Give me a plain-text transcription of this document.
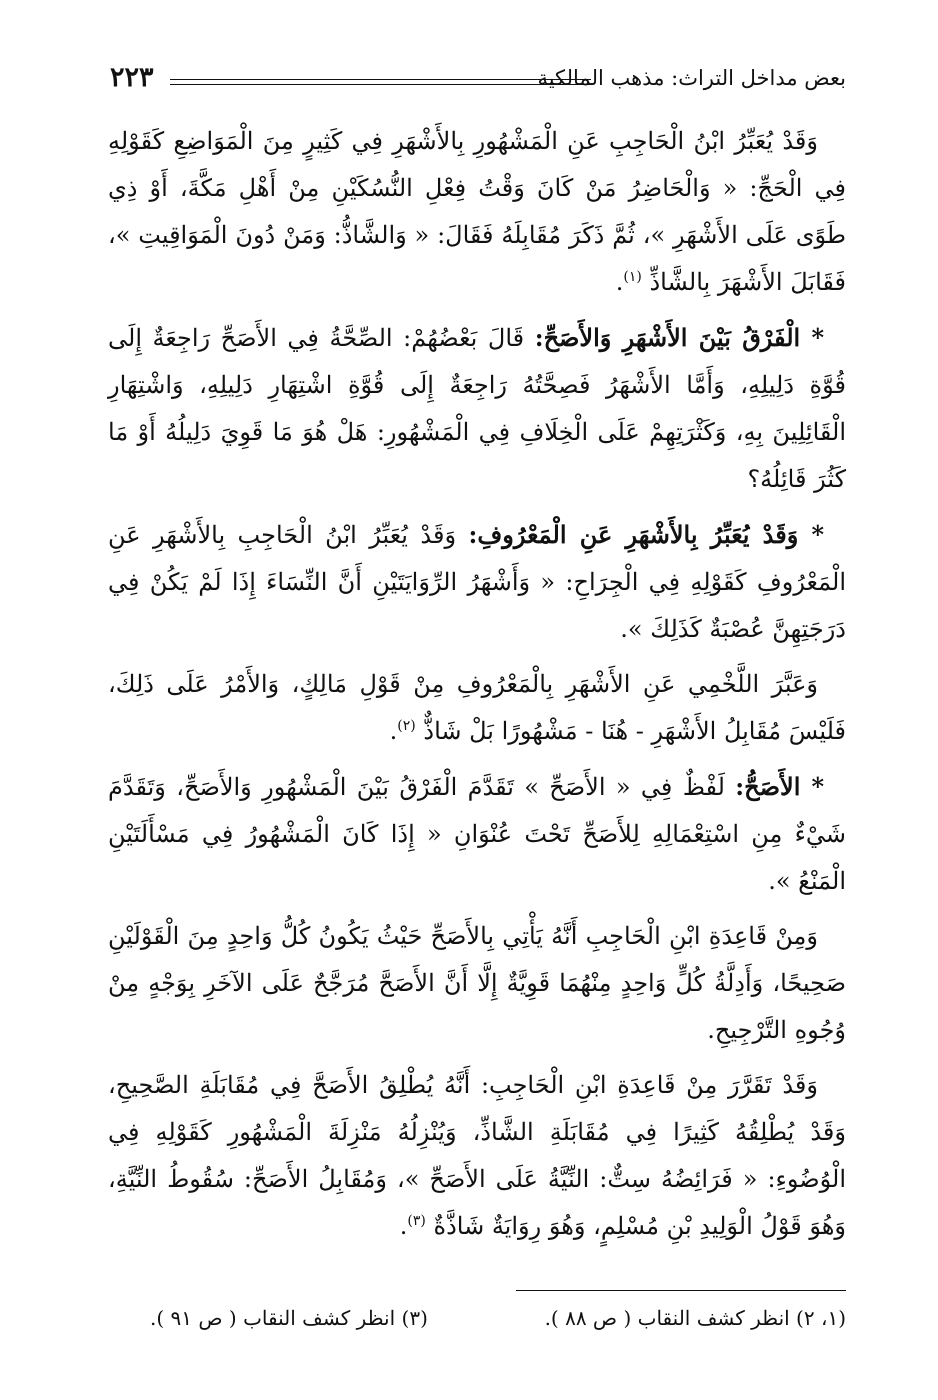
بعض مداخل التراث: مذهب المالكية
٢٢٣

وَقَدْ يُعَبِّرُ ابْنُ الْحَاجِبِ عَنِ الْمَشْهُورِ بِالأَشْهَرِ فِي كَثِيرٍ مِنَ الْمَوَاضِعِ كَقَوْلِهِ فِي الْحَجِّ: « وَالْحَاضِرُ مَنْ كَانَ وَقْتُ فِعْلِ النُّسُكَيْنِ مِنْ أَهْلِ مَكَّةَ، أَوْ ذِي طَوًى عَلَى الأَشْهَرِ »، ثُمَّ ذَكَرَ مُقَابِلَهُ فَقَالَ: « وَالشَّاذُّ: وَمَنْ دُونَ الْمَوَاقِيتِ »، فَقَابَلَ الأَشْهَرَ بِالشَّاذِّ $^{(١)}$.

* الْفَرْقُ بَيْنَ الأَشْهَرِ وَالأَصَحِّ: قَالَ بَعْضُهُمْ: الصِّحَّةُ فِي الأَصَحِّ رَاجِعَةٌ إِلَى قُوَّةِ دَلِيلِهِ، وَأَمَّا الأَشْهَرُ فَصِحَّتُهُ رَاجِعَةٌ إِلَى قُوَّةِ اشْتِهَارِ دَلِيلِهِ، وَاشْتِهَارِ الْقَائِلِينَ بِهِ، وَكَثْرَتِهِمْ عَلَى الْخِلَافِ فِي الْمَشْهُورِ: هَلْ هُوَ مَا قَوِيَ دَلِيلُهُ أَوْ مَا كَثُرَ قَائِلُهُ؟

* وَقَدْ يُعَبِّرُ بِالأَشْهَرِ عَنِ الْمَعْرُوفِ: وَقَدْ يُعَبِّرُ ابْنُ الْحَاجِبِ بِالأَشْهَرِ عَنِ الْمَعْرُوفِ كَقَوْلِهِ فِي الْجِرَاحِ: « وَأَشْهَرُ الرِّوَايَتَيْنِ أَنَّ النِّسَاءَ إِذَا لَمْ يَكُنْ فِي دَرَجَتِهِنَّ عُصْبَةٌ كَذَلِكَ ».

وَعَبَّرَ اللَّخْمِي عَنِ الأَشْهَرِ بِالْمَعْرُوفِ مِنْ قَوْلِ مَالِكٍ، وَالأَمْرُ عَلَى ذَلِكَ، فَلَيْسَ مُقَابِلُ الأَشْهَرِ - هُنَا - مَشْهُورًا بَلْ شَاذٌّ $^{(٢)}$.

* الأَصَحُّ: لَفْظٌ فِي « الأَصَحِّ » تَقَدَّمَ الْفَرْقُ بَيْنَ الْمَشْهُورِ وَالأَصَحِّ، وَتَقَدَّمَ شَيْءٌ مِنِ اسْتِعْمَالِهِ لِلأَصَحِّ تَحْتَ عُنْوَانِ « إِذَا كَانَ الْمَشْهُورُ فِي مَسْأَلَتَيْنِ الْمَنْعُ ».

وَمِنْ قَاعِدَةِ ابْنِ الْحَاجِبِ أَنَّهُ يَأْتِي بِالأَصَحِّ حَيْثُ يَكُونُ كُلُّ وَاحِدٍ مِنَ الْقَوْلَيْنِ صَحِيحًا، وَأَدِلَّةُ كُلٍّ وَاحِدٍ مِنْهُمَا قَوِيَّةٌ إِلَّا أَنَّ الأَصَحَّ مُرَجَّحٌ عَلَى الآخَرِ بِوَجْهٍ مِنْ وُجُوهِ التَّرْجِيحِ.

وَقَدْ تَقَرَّرَ مِنْ قَاعِدَةِ ابْنِ الْحَاجِبِ: أَنَّهُ يُطْلِقُ الأَصَحَّ فِي مُقَابَلَةِ الصَّحِيحِ، وَقَدْ يُطْلِقُهُ كَثِيرًا فِي مُقَابَلَةِ الشَّاذِّ، وَيُنْزِلُهُ مَنْزِلَةَ الْمَشْهُورِ كَقَوْلِهِ فِي الْوُضُوءِ: « فَرَائِضُهُ سِتٌّ: النِّيَّةُ عَلَى الأَصَحِّ »، وَمُقَابِلُ الأَصَحِّ: سُقُوطُ النِّيَّةِ، وَهُوَ قَوْلُ الْوَلِيدِ بْنِ مُسْلِمٍ، وَهُوَ رِوَايَةٌ شَاذَّةٌ $^{(٣)}$.

(١، ٢) انظر كشف النقاب ( ص ٨٨ ).
(٣) انظر كشف النقاب ( ص ٩١ ).
